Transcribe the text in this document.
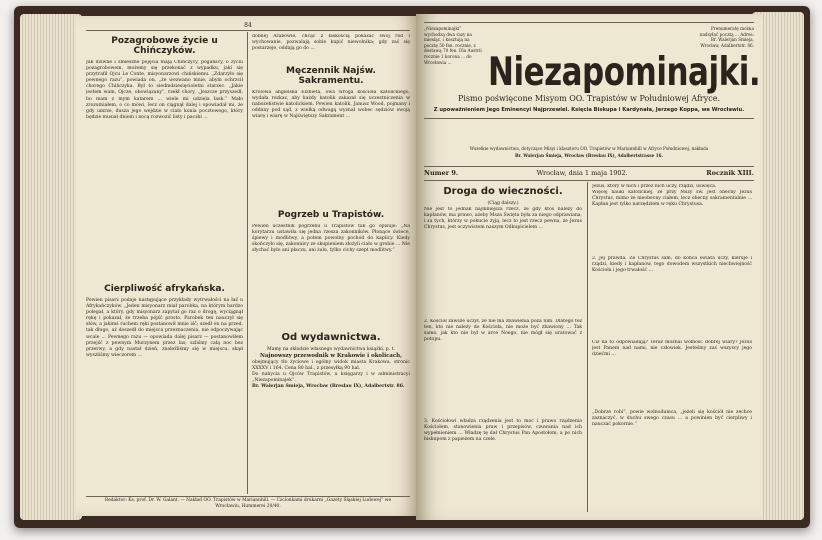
84
Pozagrobowe życie u Chińczyków.

Jak dziwne i śmieszne pojęcia mają Chińczycy, pogańscy, o życiu pozagrobowem, możemy się przekonać z wypadku, jaki się przytrafił Ojcu Le Conte, misyonarzowi chińskiemu. „Zdarzyło się pewnego razu”, powiada on, „że wezwano mnie, abym ochrzcił chorego Chińczyka. Był to siedmdziesięcioletni starzec. „Jakie jestem wam, Ojcze, obowiązany”, rzekł chory, „Jeszcze przyszedł, bo mam z mym katarem ... wiele mi udziela łask.” Mało zrozumiałem, o co mówi, lecz on ciągnął dalej i opowiadał mi, że gdy umrze, dusza jego wejdzie w ciało konia pocztowego, który będzie musiał dniem i nocą rozwozić listy i paczki ...

Cierpliwość afrykańska.

Pewien pisarz podaje następujące przykłady wytrwałości na łaź u Afrykańczyków. „Jeden misyonarz miał parobka, na którym bardzo polegał, a który, gdy misyonarz zapytał go raz o drogę, wyciągnął rękę i pokazał, że trzeba pójść prosto. Parobek ten nauczył się słów, a jakimś ruchem ręki postanowił mnie iść; szedł on na przed, tak długo, aż doszedł do miejsca przeznaczenia, nie odpoczywając wcale ... Pewnego razu — opowiada dalej pisarz — postanowiłem przejść z pewnym Murzynem przez las; szliśmy całą noc bez przerwy, a gdy nastał dzień, znaleźliśmy się w miejscu, skąd wyszliśmy wieczorem ...

dobnej Arabowie, chcąc z łaskością pokazać swój ród i wychowanie, pozwalają sobie kupić niewolnika; gdy zaś się postarzeje, oddają go do ...

Męczennik Najśw. Sakramentu.

Królowa angielska Elżbieta, owa wroga kościoła katolickiego, wydała rozkaz, aby każdy katolik zakazał się uczestniczenia w nabożeństwie katolickiem. Pewien katolik, Janusz Wood, pojmany i oddany pod sąd, z wielką odwagą wyznał wobec sędziów swoją wiarę i wiarę w Najświętszy Sakrament ...

Pogrzeb u Trapistów.

Pewien uczestnik pogrzebu u Trapistów tak go opisuje: „Na korytarzu ustawiła się jedna rzesza zakonników. Płonące świece, śpiewy i modlitwy, a potem powolny pochód do kaplicy. Kiedy skończyło się, zakonnicy ze skupieniem złożyli ciało w grobie ... Nie słychać było ani płaczu, ani żalu, tylko cichy szept modlitwy.”

Od wydawnictwa.

Mamy na składzie własnego wydawnictwa książki, p. t.

Najnowszy przewodnik w Krakowie i okolicach,

obejmujący tło życiowe i ogólny widok miasta Krakowa, stronic XXXXV i 164. Cena 80 hal., z przesyłką 90 hal.

Do nabycia u Ojców Trapistów, u księgarzy i w administracyi „Niezapominajek”.

Br. Walerjan Smieja, Wrocław (Breslau IX), Adalbertstr. 86.

Redaktor: Ks. prof. Dr. W. Galant. — Nakład OO. Trapistów w Mariannhill. — Czcionkami drukarni „Gazety Śląskiej Ludowej” we Wrocławiu, Hummerei 20/40.
„Niezapominajki” wychodzą dwa razy na miesiąc, i kosztują na pocztę 50 fen. rocznie, z dostawą 70 fen. Dla Austrii rocznie 1 korona ... do Wrocławia ...	Niezapominajki.
Prenumeratę można nadsyłać pocztą ... Adres: Br. Walerjan Smieja, Wrocław, Adalbertstr. 86.
Pismo poświęcone Misyom OO. Trapistów w Południowej Afryce.
Z upoważnieniem Jego Eminencyi Najprzewiel. Księcia Biskupa i Kardynała, Jerzego Koppa, we Wrocławiu.
Wszelkie wydawnictwa, dotyczące Misyi i klasztoru OO. Trapistów w Mariannhill w Afryce Południowej, nakłada
Br. Walerjan Śmieja, Wrocław (Breslau IX), Adalbertstrasse 16.
Numer 9.	Wrocław, dnia 1 maja 1902.	Rocznik XIII.
Droga do wieczności.

(Ciąg dalszy.)

Nie jest to jednak najmniejsza rzecz, że gdy ktoś należy do kapłanów, ma prawo, ażeby Msza Święta była za niego odprawiana, i za tych, którzy w pokucie żyją, lecz to jest rzecz pewna, że Jezus Chrystus, jest oczywistem naszym Odkupicielem ...

2. Kościół zawsze uczył, że nie ma zbawienia poza nim. Dlatego też ten, kto nie należy do Kościoła, nie może być zbawiony ... Tak samo, jak kto nie był w arce Noego, nie mógł się uratować z potopu.

3. Kościołowi władza rządzenia jest to moc i prawo rządzenia Kościołem, stanowienia praw i przepisów, czuwania nad ich wypełnieniem ... Władzę tę dał Chrystus Pan Apostołom, a po nich biskupom z papieżem na czele.

Jezus, który w nich i przez nich uczy, rządzi, uświęca.

Więcej nauki katolickiej, że przy Mszy św. jest obecny Jezus Chrystus, mimo że nieobecny ciałem, lecz obecny sakramentalnie ... Kapłan jest tylko narzędziem w ręku Chrystusa.

2. Jej prawda. Że Chrystus sam, do końca świata uczy, kieruje i rządzi, kiedy i kapłanów, tego dowodem wszystkich niechwiejność Kościoła i jego trwałość ...

Ciż na to odpowiadają? Teraz możnai wolność dobrej wiary? Jezus jest Panem nad nami, nie człowiek. Jesteśmy zaś wszyscy jego dziećmi ...

„Dobrze robi”, powie wolnodumca, „jeżeli się kościół nie zechce zaznaczyć, w duchu swego czasu ... a powinien być cierpliwy i nauczać pokornie.”
